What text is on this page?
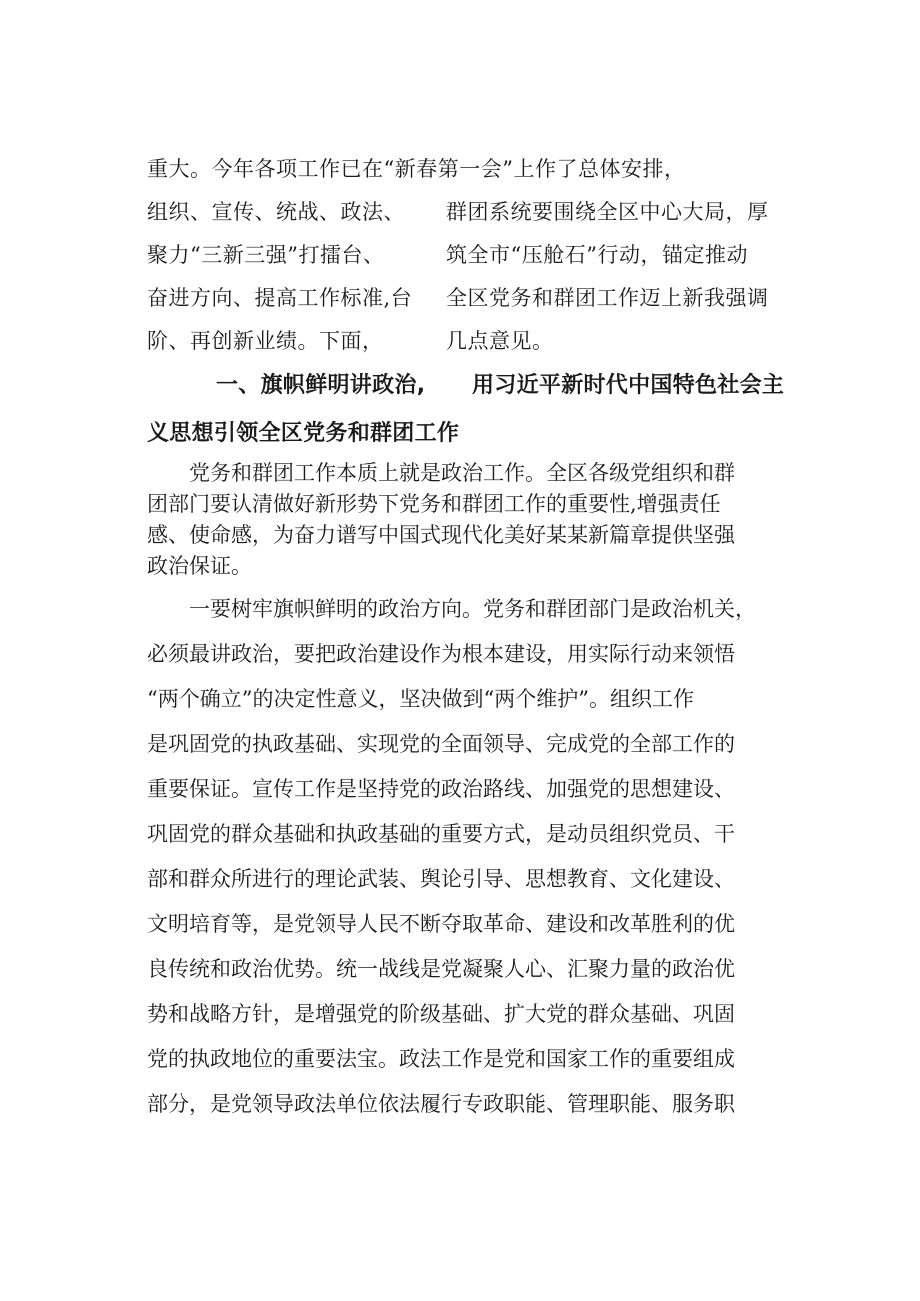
重大。今年各项工作已在“新春第一会”上作了总体安排，
组织、宣传、统战、政法、 群团系统要围绕全区中心大局，厚
聚力“三新三强”打擂台、	筑全市“压舱石”行动，锚定推动
奋进方向、提高工作标准,台 全区党务和群团工作迈上新我强调
阶、再创新业绩。下面，	几点意见。
一、旗帜鲜明讲政治, 用习近平新时代中国特色社会主
义思想引领全区党务和群团工作
党务和群团工作本质上就是政治工作。全区各级党组织和群
团部门要认清做好新形势下党务和群团工作的重要性,增强责任
感、使命感，为奋力谱写中国式现代化美好某某新篇章提供坚强
政治保证。
一要树牢旗帜鲜明的政治方向。党务和群团部门是政治机关，
必须最讲政治，要把政治建设作为根本建设，用实际行动来领悟
“两个确立”的决定性意义，坚决做到“两个维护”。组织工作
是巩固党的执政基础、实现党的全面领导、完成党的全部工作的
重要保证。宣传工作是坚持党的政治路线、加强党的思想建设、
巩固党的群众基础和执政基础的重要方式，是动员组织党员、干
部和群众所进行的理论武装、舆论引导、思想教育、文化建设、
文明培育等，是党领导人民不断夺取革命、建设和改革胜利的优
良传统和政治优势。统一战线是党凝聚人心、汇聚力量的政治优
势和战略方针，是增强党的阶级基础、扩大党的群众基础、巩固
党的执政地位的重要法宝。政法工作是党和国家工作的重要组成
部分，是党领导政法单位依法履行专政职能、管理职能、服务职
